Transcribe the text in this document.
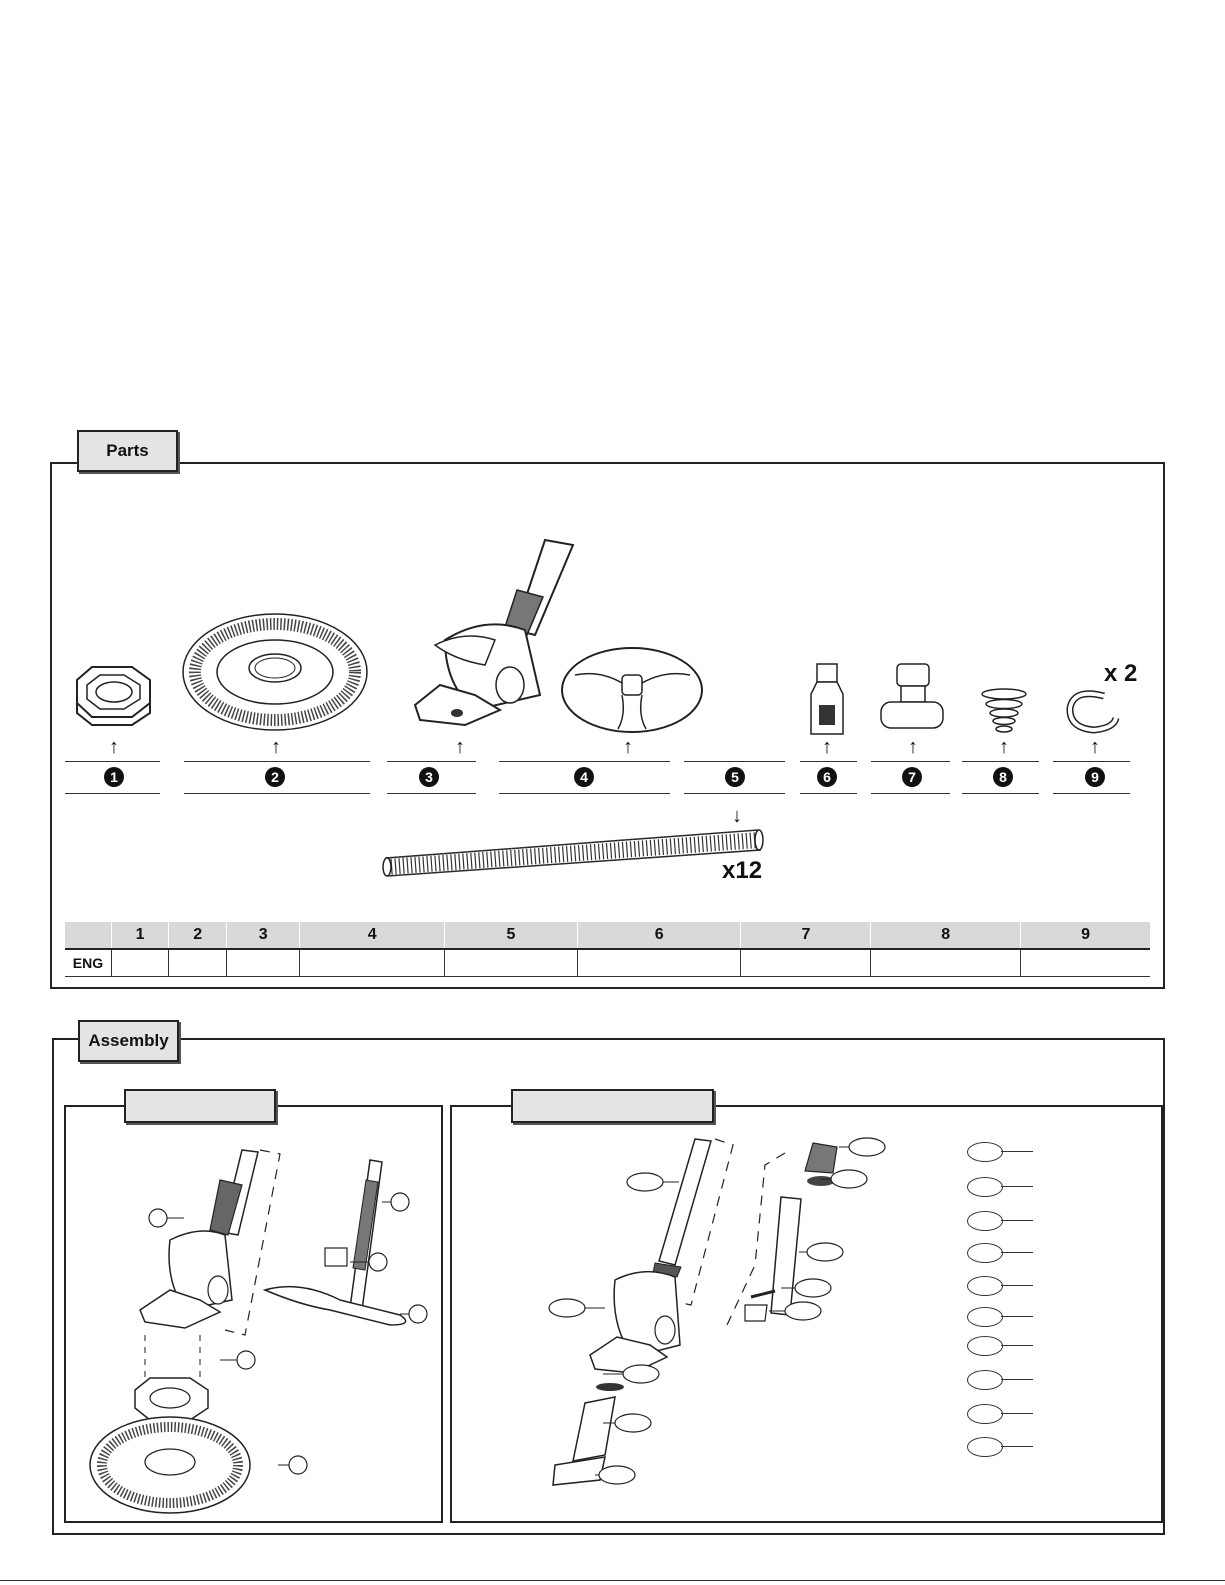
Parts
x 2
↑	↑	↑	↑	↑	↑	↑	↑
↓
1	2	3	4	5	6	7	8	9
x12
	1	2	3	4	5	6	7	8	9
ENG									
Assembly
